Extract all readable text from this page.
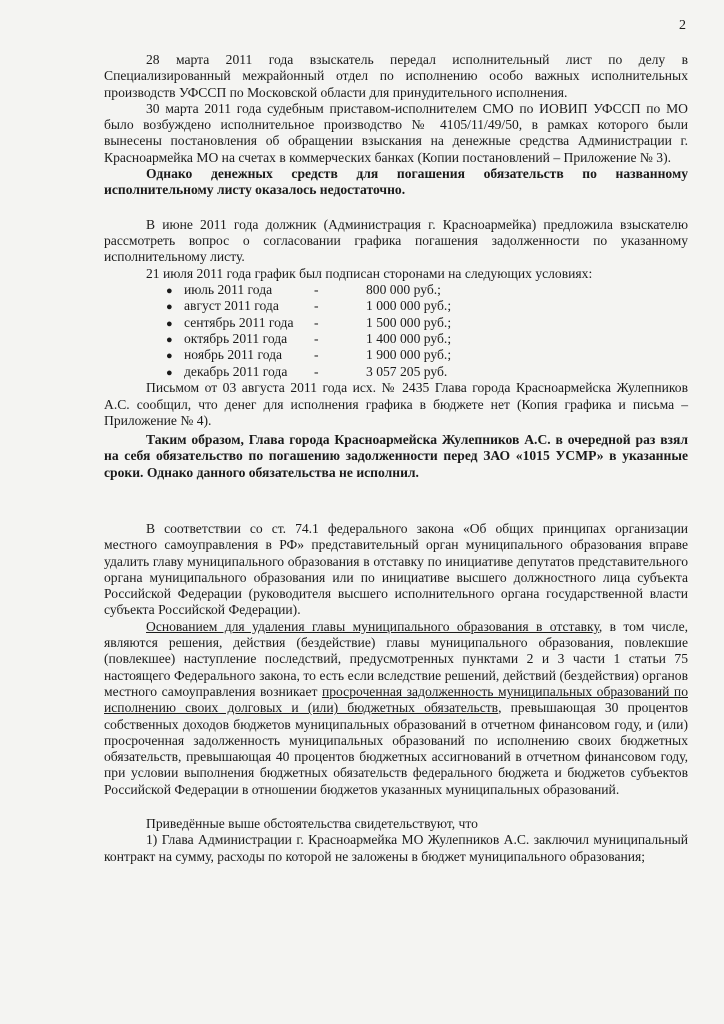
2

28 марта 2011 года взыскатель передал исполнительный лист по делу в Специализированный межрайонный отдел по исполнению особо важных исполнительных производств УФССП по Московской области для принудительного исполнения.

30 марта 2011 года судебным приставом-исполнителем СМО по ИОВИП УФССП по МО было возбуждено исполнительное производство № 4105/11/49/50, в рамках которого были вынесены постановления об обращении взыскания на денежные средства Администрации г. Красноармейка МО на счетах в коммерческих банках (Копии постановлений – Приложение № 3).

Однако денежных средств для погашения обязательств по названному исполнительному листу оказалось недостаточно.

В июне 2011 года должник (Администрация г. Красноармейка) предложила взыскателю рассмотреть вопрос о согласовании графика погашения задолженности по указанному исполнительному листу.

21 июля 2011 года график был подписан сторонами на следующих условиях:

● июль 2011 года	-	800 000 руб.;
● август 2011 года	-	1 000 000 руб.;
● сентябрь 2011 года	-	1 500 000 руб.;
● октябрь 2011 года	-	1 400 000 руб.;
● ноябрь 2011 года	-	1 900 000 руб.;
● декабрь 2011 года	-	3 057 205 руб.

Письмом от 03 августа 2011 года исх. № 2435 Глава города Красноармейска Жулепников А.С. сообщил, что денег для исполнения графика в бюджете нет (Копия графика и письма – Приложение № 4).

Таким образом, Глава города Красноармейска Жулепников А.С. в очередной раз взял на себя обязательство по погашению задолженности перед ЗАО «1015 УСМР» в указанные сроки. Однако данного обязательства не исполнил.

В соответствии со ст. 74.1 федерального закона «Об общих принципах организации местного самоуправления в РФ» представительный орган муниципального образования вправе удалить главу муниципального образования в отставку по инициативе депутатов представительного органа муниципального образования или по инициативе высшего должностного лица субъекта Российской Федерации (руководителя высшего исполнительного органа государственной власти субъекта Российской Федерации).

Основанием для удаления главы муниципального образования в отставку, в том числе, являются решения, действия (бездействие) главы муниципального образования, повлекшие (повлекшее) наступление последствий, предусмотренных пунктами 2 и 3 части 1 статьи 75 настоящего Федерального закона, то есть если вследствие решений, действий (бездействия) органов местного самоуправления возникает просроченная задолженность муниципальных образований по исполнению своих долговых и (или) бюджетных обязательств, превышающая 30 процентов собственных доходов бюджетов муниципальных образований в отчетном финансовом году, и (или) просроченная задолженность муниципальных образований по исполнению своих бюджетных обязательств, превышающая 40 процентов бюджетных ассигнований в отчетном финансовом году, при условии выполнения бюджетных обязательств федерального бюджета и бюджетов субъектов Российской Федерации в отношении бюджетов указанных муниципальных образований.

Приведённые выше обстоятельства свидетельствуют, что

1) Глава Администрации г. Красноармейка МО Жулепников А.С. заключил муниципальный контракт на сумму, расходы по которой не заложены в бюджет муниципального образования;
